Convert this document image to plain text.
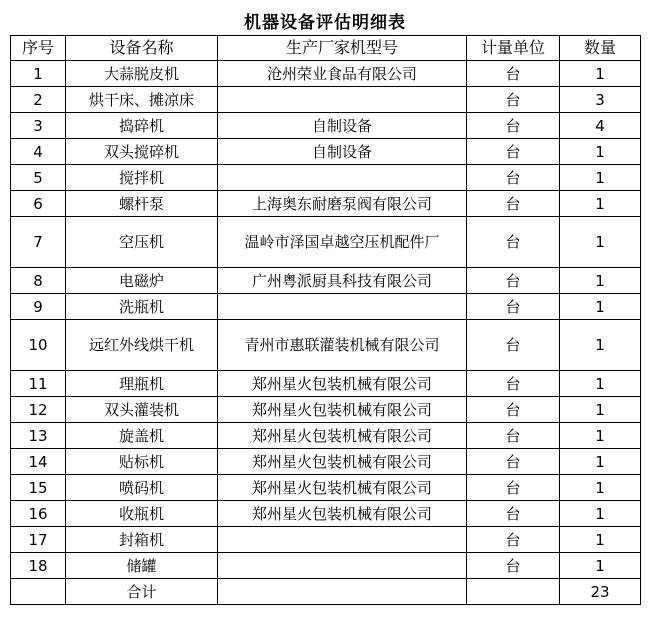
机器设备评估明细表
序号	设备名称	生产厂家机型号	计量单位	数量
1	大蒜脱皮机	沧州荣业食品有限公司	台	1
2	烘干床、摊凉床		台	3
3	捣碎机	自制设备	台	4
4	双头搅碎机	自制设备	台	1
5	搅拌机		台	1
6	螺杆泵	上海奥东耐磨泵阀有限公司	台	1
7	空压机	温岭市泽国卓越空压机配件厂	台	1
8	电磁炉	广州粤派厨具科技有限公司	台	1
9	洗瓶机		台	1
10	远红外线烘干机	青州市惠联灌装机械有限公司	台	1
11	理瓶机	郑州星火包装机械有限公司	台	1
12	双头灌装机	郑州星火包装机械有限公司	台	1
13	旋盖机	郑州星火包装机械有限公司	台	1
14	贴标机	郑州星火包装机械有限公司	台	1
15	喷码机	郑州星火包装机械有限公司	台	1
16	收瓶机	郑州星火包装机械有限公司	台	1
17	封箱机		台	1
18	储罐		台	1
	合计			23
